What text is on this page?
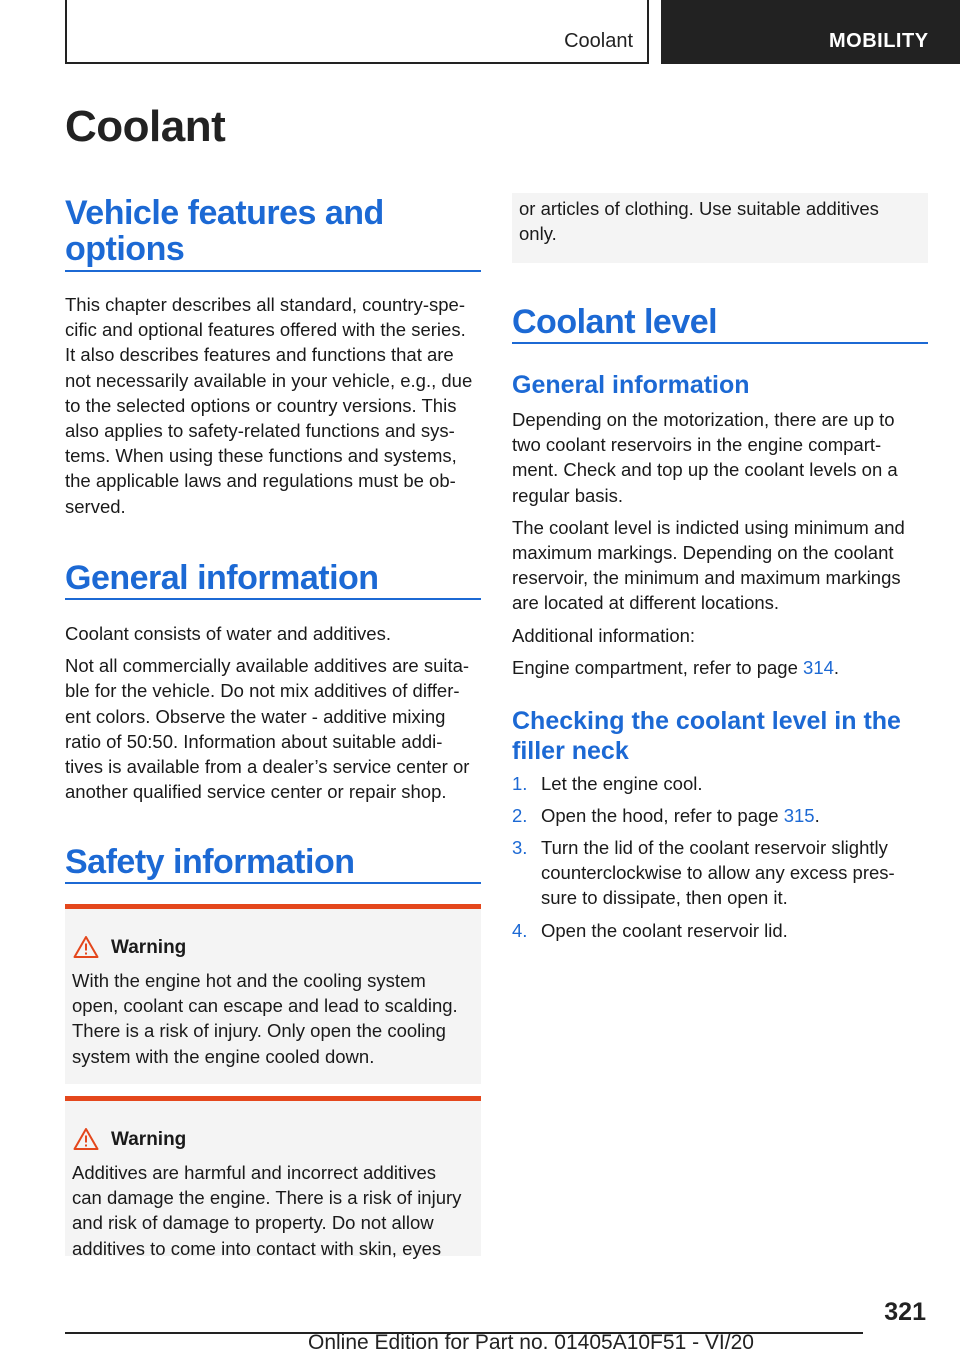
Coolant	MOBILITY
Coolant
Vehicle features and
options
This chapter describes all standard, country-spe‐
cific and optional features offered with the series.
It also describes features and functions that are
not necessarily available in your vehicle, e.g., due
to the selected options or country versions. This
also applies to safety-related functions and sys‐
tems. When using these functions and systems,
the applicable laws and regulations must be ob‐
served.
General information
Coolant consists of water and additives.
Not all commercially available additives are suita‐
ble for the vehicle. Do not mix additives of differ‐
ent colors. Observe the water - additive mixing
ratio of 50:50. Information about suitable addi‐
tives is available from a dealer’s service center or
another qualified service center or repair shop.
Safety information
Warning
With the engine hot and the cooling system
open, coolant can escape and lead to scalding.
There is a risk of injury. Only open the cooling
system with the engine cooled down.
Warning
Additives are harmful and incorrect additives
can damage the engine. There is a risk of injury
and risk of damage to property. Do not allow
additives to come into contact with skin, eyes
or articles of clothing. Use suitable additives
only.
Coolant level
General information
Depending on the motorization, there are up to
two coolant reservoirs in the engine compart‐
ment. Check and top up the coolant levels on a
regular basis.
The coolant level is indicted using minimum and
maximum markings. Depending on the coolant
reservoir, the minimum and maximum markings
are located at different locations.
Additional information:
Engine compartment, refer to page 314.
Checking the coolant level in the
filler neck
1. Let the engine cool.
2. Open the hood, refer to page 315.
3. Turn the lid of the coolant reservoir slightly
counterclockwise to allow any excess pres‐
sure to dissipate, then open it.
4. Open the coolant reservoir lid.
321
Online Edition for Part no. 01405A10F51 - VI/20
